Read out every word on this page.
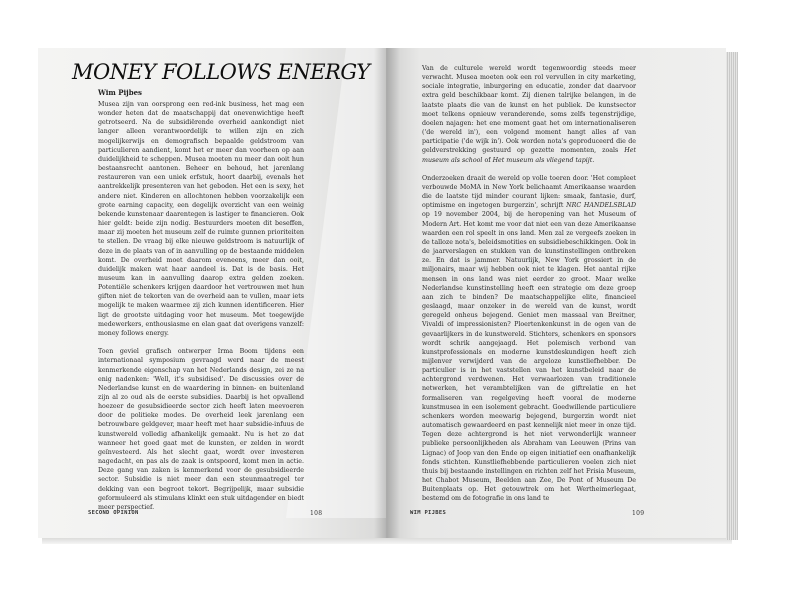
MONEY FOLLOWS ENERGY
Wim Pijbes

Musea zijn van oorsprong een red-ink business, het mag een wonder heten dat de maatschappij dat onevenwichtige heeft getrotseerd. Na de subsidiërende overheid aankondigt niet langer alleen verantwoordelijk te willen zijn en zich mogelijkerwijs en demografisch bepaalde geldstroom van particulieren aandient, komt het er meer dan voorheen op aan duidelijkheid te scheppen. Musea moeten nu meer dan ooit hun bestaansrecht aantonen. Beheer en behoud, het jarenlang restaureren van een uniek erfstuk, hoort daarbij, evenals het aantrekkelijk presenteren van het geboden. Het een is sexy, het andere niet. Kinderen en allochtonen hebben voorzakelijk een grote earning capacity, een degelijk overzicht van een weinig bekende kunstenaar daarentegen is lastiger te financieren. Ook hier geldt: beide zijn nodig. Bestuurders moeten dit beseffen, maar zij moeten het museum zelf de ruimte gunnen prioriteiten te stellen. De vraag bij elke nieuwe geldstroom is natuurlijk of deze in de plaats van of in aanvulling op de bestaande middelen komt. De overheid moet daarom eveneens, meer dan ooit, duidelijk maken wat haar aandeel is. Dat is de basis. Het museum kan in aanvulling daarop extra gelden zoeken. Potentiële schenkers krijgen daardoor het vertrouwen met hun giften niet de tekorten van de overheid aan te vullen, maar iets mogelijk te maken waarmee zij zich kunnen identificeren. Hier ligt de grootste uitdaging voor het museum. Met toegewijde medewerkers, enthousiasme en elan gaat dat overigens vanzelf: money follows energy.

Toen geviel grafisch ontwerper Irma Boom tijdens een internationaal symposium gevraagd werd naar de meest kenmerkende eigenschap van het Nederlands design, zei ze na enig nadenken: 'Well, it's subsidised'. De discussies over de Nederlandse kunst en de waardering in binnen- en buitenland zijn al zo oud als de eerste subsidies. Daarbij is het opvallend hoezeer de gesubsidieerde sector zich heeft laten meevoeren door de politieke modes. De overheid leek jarenlang een betrouwbare geldgever, maar heeft met haar subsidie-infuus de kunstwereld volledig afhankelijk gemaakt. Nu is het zo dat wanneer het goed gaat met de kunsten, er zelden in wordt geïnvesteerd. Als het slecht gaat, wordt over investeren nagedacht, en pas als de zaak is ontspoord, komt men in actie. Deze gang van zaken is kenmerkend voor de gesubsidieerde sector. Subsidie is niet meer dan een steunmaatregel ter dekking van een begroot tekort. Begrijpelijk, maar subsidie geformuleerd als stimulans klinkt een stuk uitdagender en biedt meer perspectief.

SECOND OPINION	108

Van de culturele wereld wordt tegenwoordig steeds meer verwacht. Musea moeten ook een rol vervullen in city marketing, sociale integratie, inburgering en educatie, zonder dat daarvoor extra geld beschikbaar komt. Zij dienen talrijke belangen, in de laatste plaats die van de kunst en het publiek. De kunstsector moet telkens opnieuw veranderende, soms zelfs tegenstrijdige, doelen najagen: het ene moment gaat het om internationaliseren ('de wereld in'), een volgend moment hangt alles af van participatie ('de wijk in'). Ook worden nota's geproduceerd die de geldverstrekking gestuurd op gezette momenten, zoals Het museum als school of Het museum als vliegend tapijt.

Onderzoeken draait de wereld op volle toeren door. 'Het compleet verbouwde MoMA in New York belichaamt Amerikaanse waarden die de laatste tijd minder courant lijken: smaak, fantasie, durf, optimisme en ingetogen burgerzin', schrijft NRC HANDELSBLAD op 19 november 2004, bij de heropening van het Museum of Modern Art. Het komt me voor dat niet een van deze Amerikaanse waarden een rol speelt in ons land. Men zal ze vergeefs zoeken in de talloze nota's, beleidsmotities en subsidiebeschikkingen. Ook in de jaarverslagen en stukken van de kunstinstellingen ontbreken ze. En dat is jammer. Natuurlijk, New York grossiert in de miljonairs, maar wij hebben ook niet te klagen. Het aantal rijke mensen in ons land was niet eerder zo groot. Maar welke Nederlandse kunstinstelling heeft een strategie om deze groep aan zich te binden? De maatschappelijke elite, financieel geslaagd, maar onzeker in de wereld van de kunst, wordt geregeld onheus bejegend. Geniet men massaal van Breitner, Vivaldi of impressionisten? Ploertenkenkunst in de ogen van de gevaarlijkers in de kunstwereld. Stichters, schenkers en sponsors wordt schrik aangejaagd. Het polemisch verbond van kunstprofessionals en moderne kunstdeskundigen heeft zich mijlenver verwijderd van de argeloze kunstliefhebber. De particulier is in het vaststellen van het kunstbeleid naar de achtergrond verdwenen. Het verwaarlozen van traditionele netwerken, het verambtelijken van de giftrelatie en het formaliseren van regelgeving heeft vooral de moderne kunstmusea in een isolement gebracht. Goedwillende particuliere schenkers worden meewarig bejegend, burgerzin wordt niet automatisch gewaardeerd en past kennelijk niet meer in onze tijd. Tegen deze achtergrond is het niet verwonderlijk wanneer publieke persoonlijkheden als Abraham van Leeuwen (Prins van Lignac) of Joop van den Ende op eigen initiatief een onafhankelijk fonds stichten. Kunstliefhebbende particulieren voelen zich niet thuis bij bestaande instellingen en richten zelf het Frisia Museum, het Chabot Museum, Beelden aan Zee, De Pont of Museum De Buitenplaats op. Het getouwtrek om het Wertheimerlegaat, bestemd om de fotografie in ons land te

WIM PIJBES	109
